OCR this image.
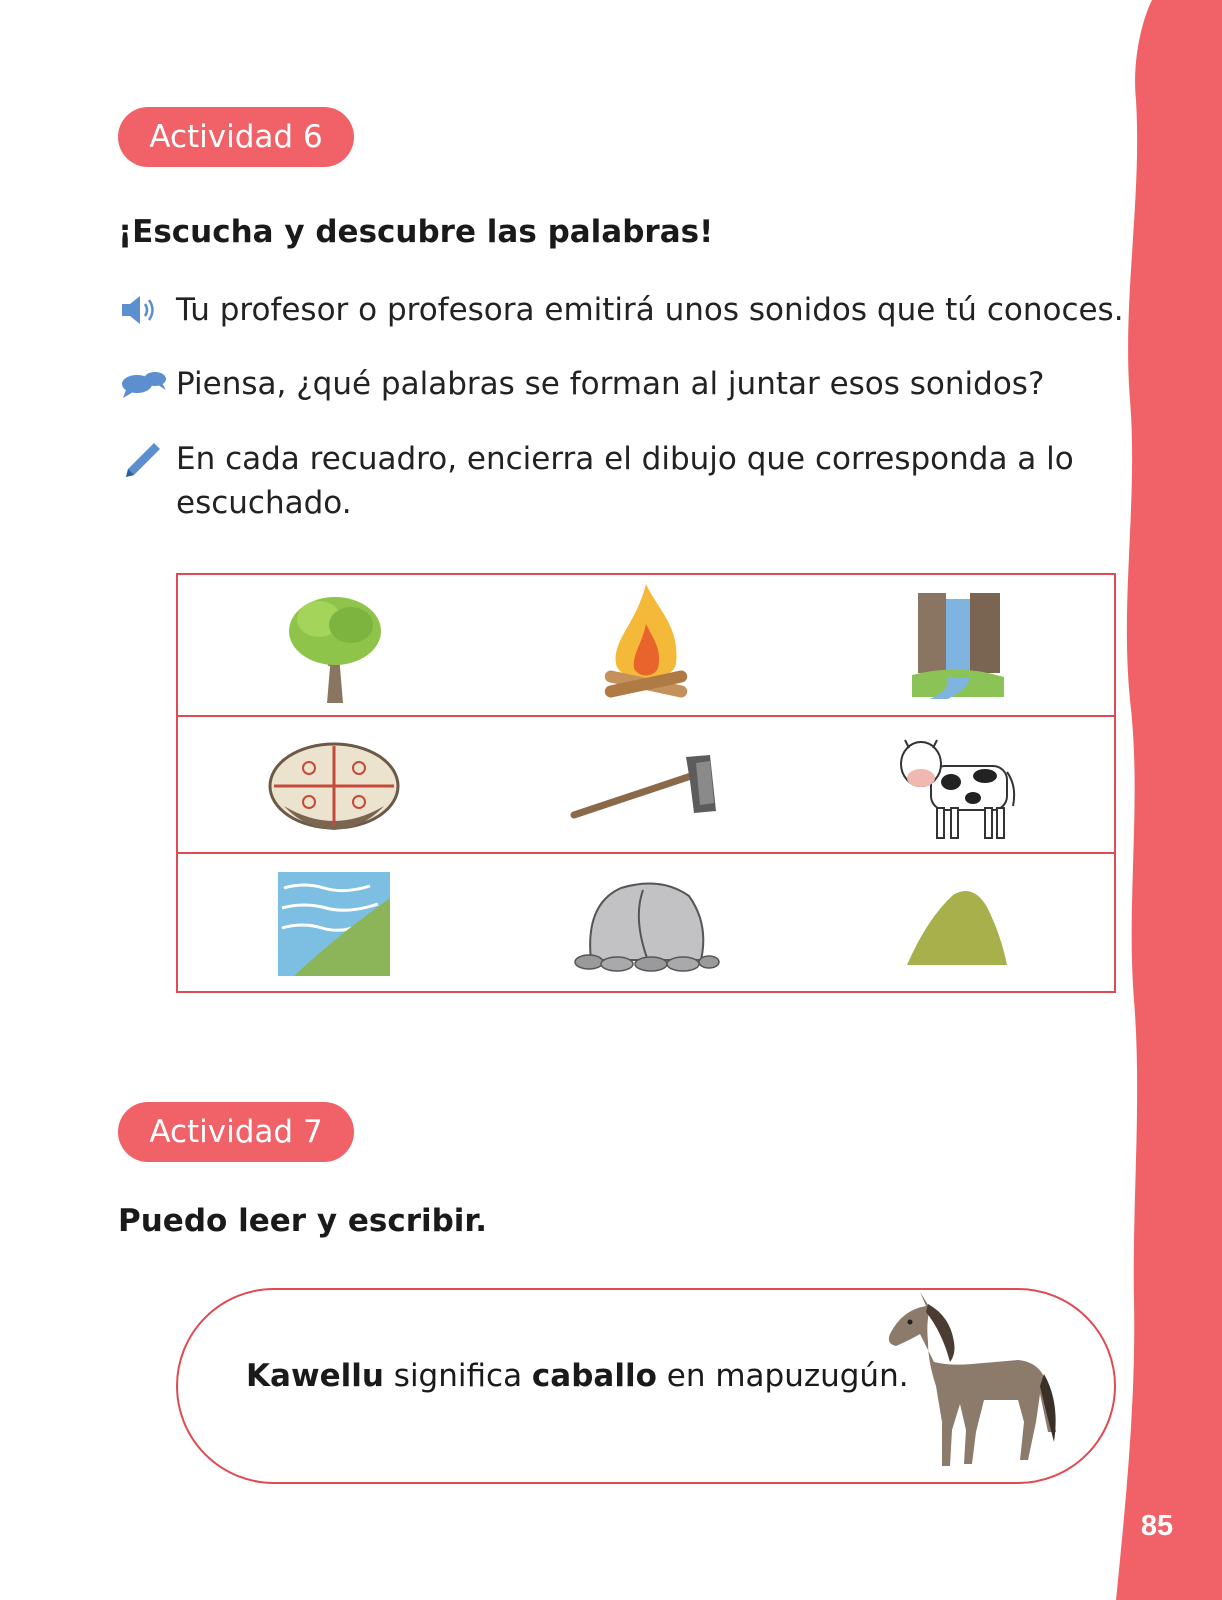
85
Actividad 6
¡Escucha y descubre las palabras!
Tu profesor o profesora emitirá unos sonidos que tú conoces.
Piensa, ¿qué palabras se forman al juntar esos sonidos?
En cada recuadro, encierra el dibujo que corresponda a lo escuchado.
Actividad 7
Puedo leer y escribir.
Kawellu significa caballo en mapuzugún.
